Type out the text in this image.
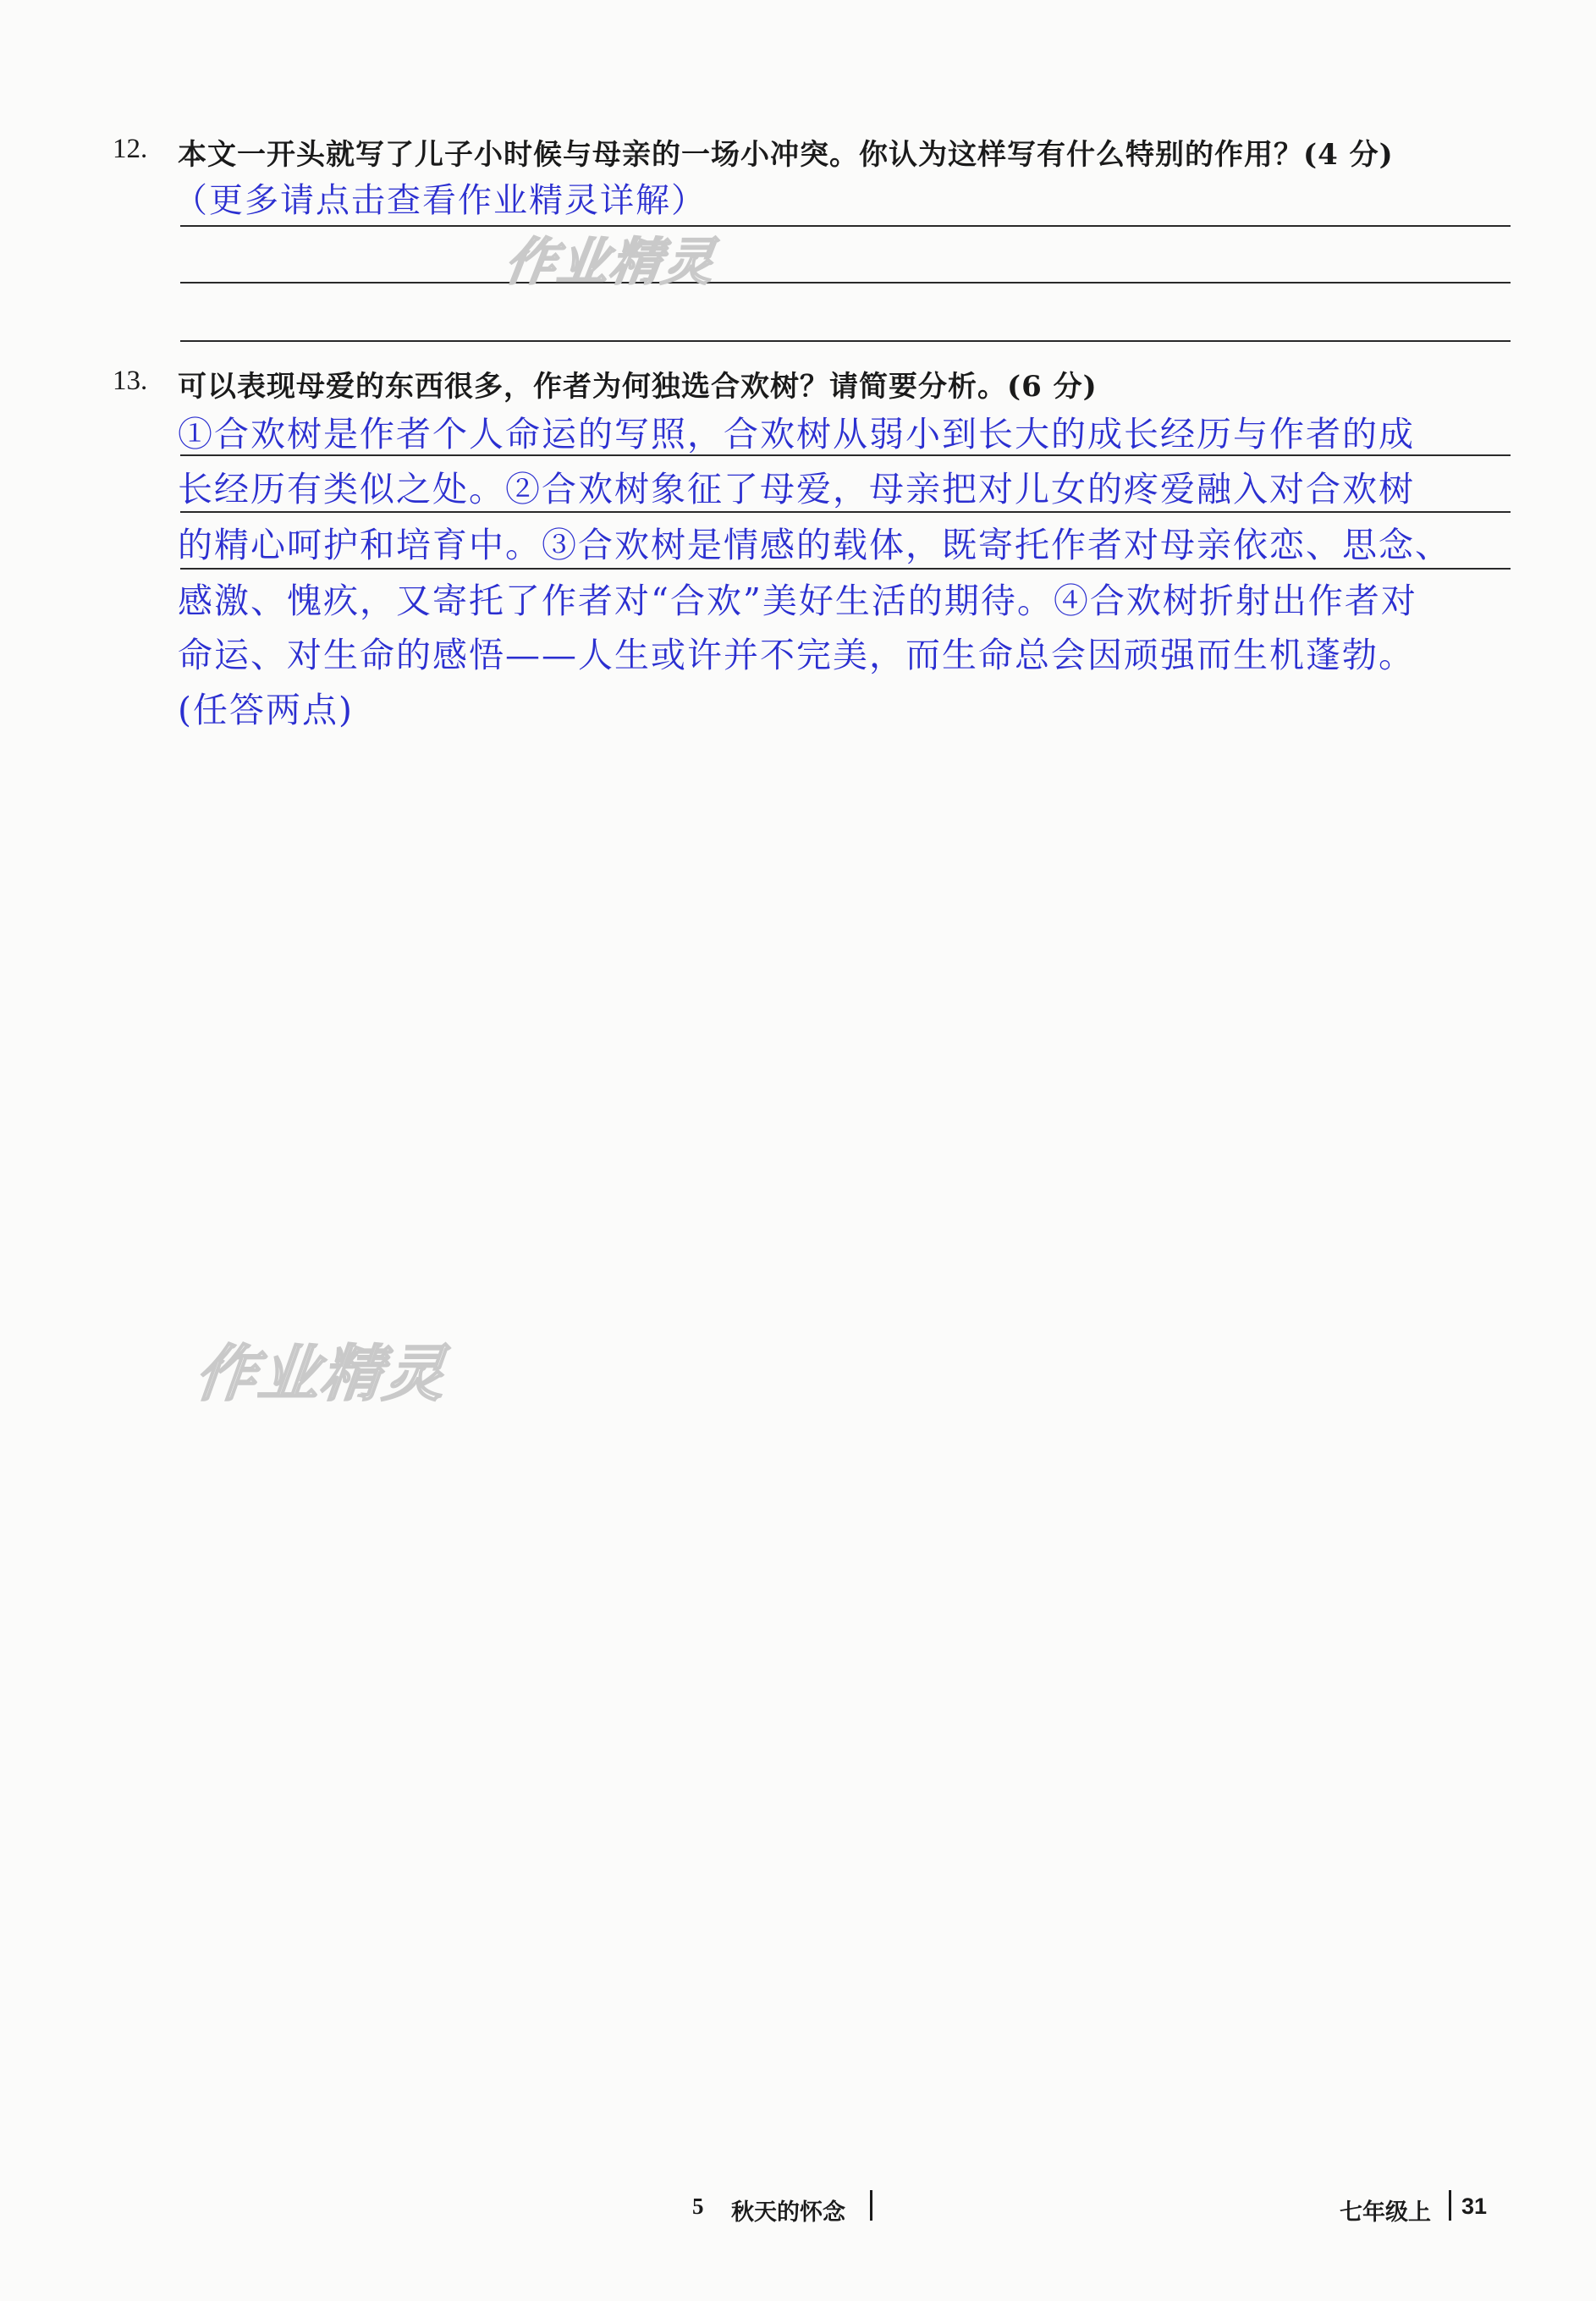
12. 本文一开头就写了儿子小时候与母亲的一场小冲突。你认为这样写有什么特别的作用？(4 分)
（更多请点击查看作业精灵详解）
作业精灵
13. 可以表现母爱的东西很多，作者为何独选合欢树？请简要分析。(6 分)
①合欢树是作者个人命运的写照，合欢树从弱小到长大的成长经历与作者的成
长经历有类似之处。②合欢树象征了母爱，母亲把对儿女的疼爱融入对合欢树
的精心呵护和培育中。③合欢树是情感的载体，既寄托作者对母亲依恋、思念、
感激、愧疚，又寄托了作者对“合欢”美好生活的期待。④合欢树折射出作者对
命运、对生命的感悟——人生或许并不完美，而生命总会因顽强而生机蓬勃。
(任答两点)
作业精灵
5 秋天的怀念	七年级上 31
